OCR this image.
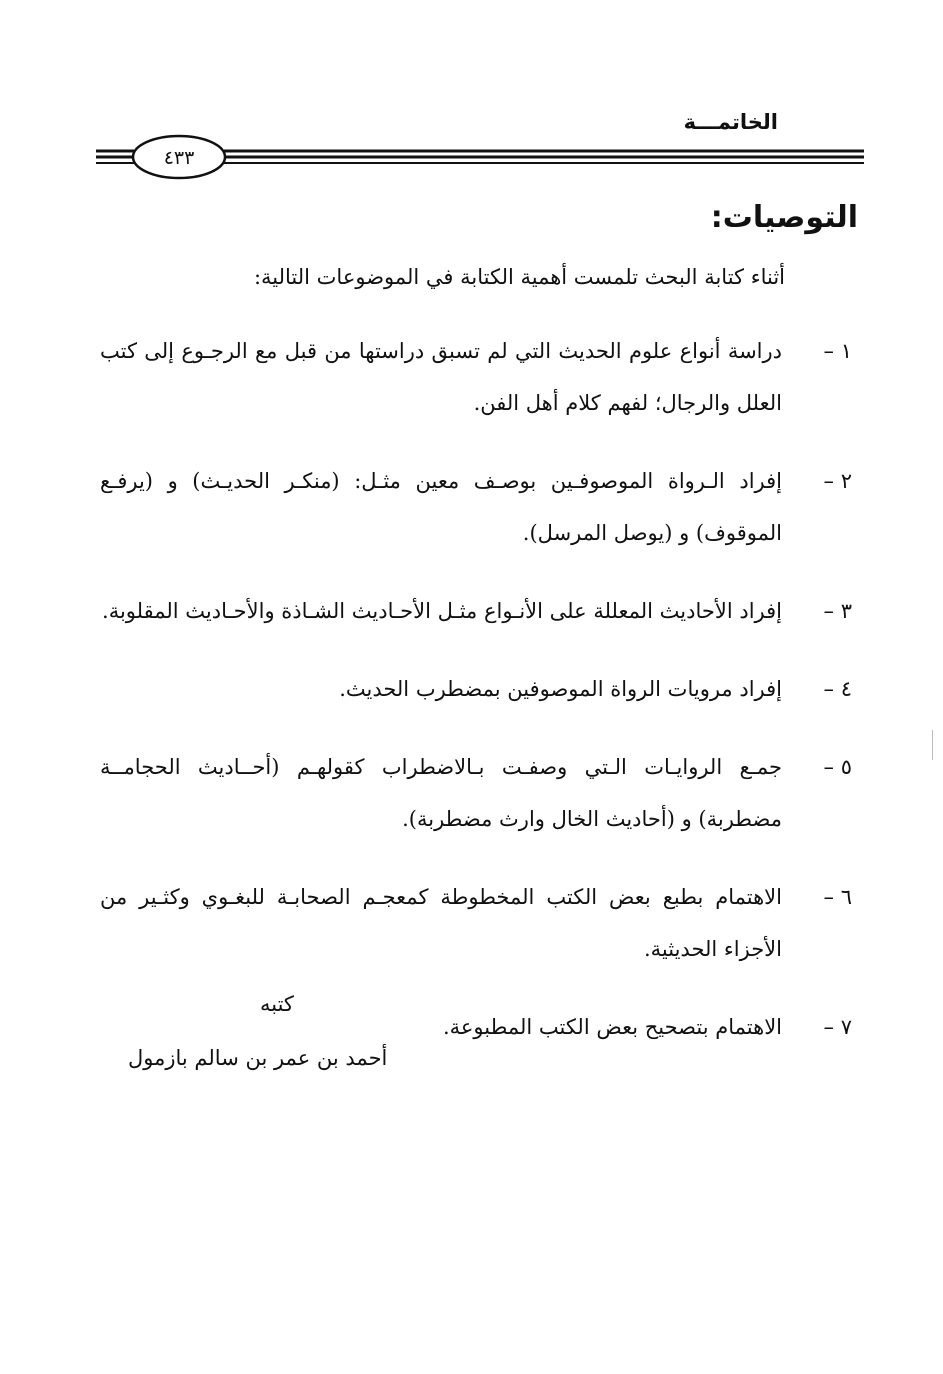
الخاتمـــة
٤٣٣
التوصيات:
أثناء كتابة البحث تلمست أهمية الكتابة في الموضوعات التالية:
١ –
دراسة أنواع علوم الحديث التي لم تسبق دراستها من قبل مع الرجـوع إلى كتب العلل والرجال؛ لفهم كلام أهل الفن.
٢ –
إفراد الـرواة الموصوفـين بوصـف معين مثـل: (منكـر الحديـث) و (يرفـع الموقوف) و (يوصل المرسل).
٣ –
إفراد الأحاديث المعللة على الأنـواع مثـل الأحـاديث الشـاذة والأحـاديث المقلوبة.
٤ –
إفراد مرويات الرواة الموصوفين بمضطرب الحديث.
٥ –
جمـع الروايـات الـتي وصفـت بـالاضطراب كقولهـم (أحــاديث الحجامــة مضطربة) و (أحاديث الخال وارث مضطربة).
٦ –
الاهتمام بطبع بعض الكتب المخطوطة كمعجـم الصحابـة للبغـوي وكثـير من الأجزاء الحديثية.
٧ –
الاهتمام بتصحيح بعض الكتب المطبوعة.
كتبه
أحمد بن عمر بن سالم بازمول
